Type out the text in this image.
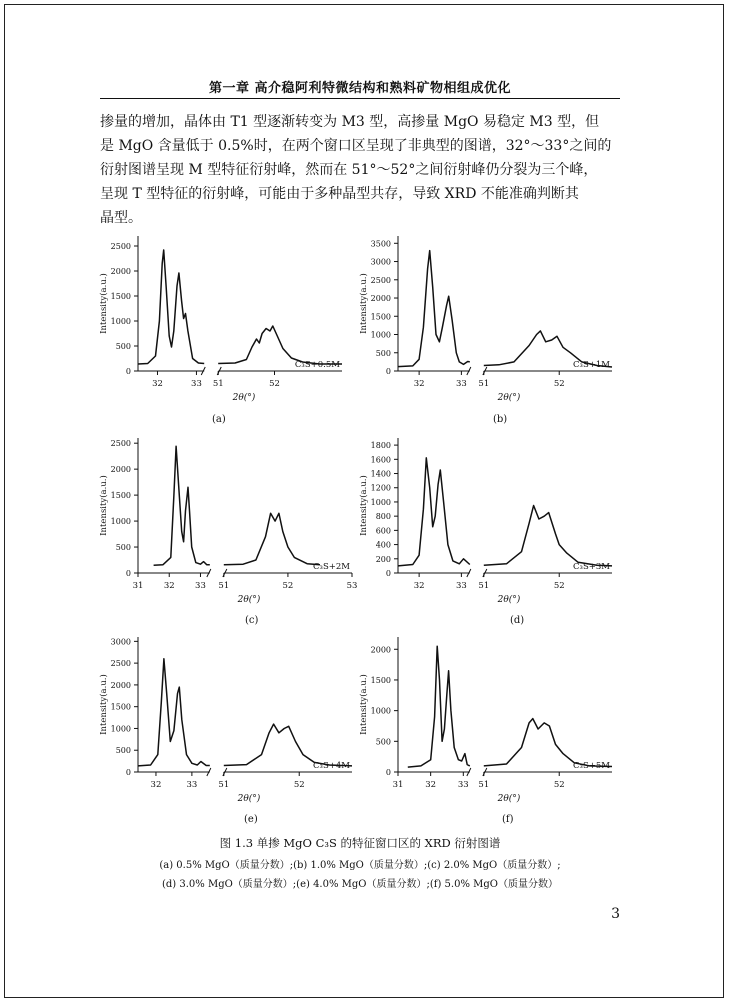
第一章 高介稳阿利特微结构和熟料矿物相组成优化
掺量的增加，晶体由 T1 型逐渐转变为 M3 型，高掺量 MgO 易稳定 M3 型，但
是 MgO 含量低于 0.5%时，在两个窗口区呈现了非典型的图谱，32°～33°之间的
衍射图谱呈现 M 型特征衍射峰，然而在 51°～52°之间衍射峰仍分裂为三个峰，
呈现 T 型特征的衍射峰，可能由于多种晶型共存，导致 XRD 不能准确判断其
晶型。
0
500
1000
1500
2000
2500
32	33 51	52
Intensity(a.u.)
2θ(°)
C₃S+0.5M
(a)
0
500
1000
1500
2000
2500
3000
3500
32	33 51	52
Intensity(a.u.)
2θ(°)
C₃S+1M
(b)
0
500
1000
1500
2000
2500
31 32 33 51	52	53
Intensity(a.u.)
2θ(°)
C₃S+2M
(c)
0
200
400
600
800
1000
1200
1400
1600
1800
32	33 51	52
Intensity(a.u.)
2θ(°)
C₃S+3M
(d)
0
500
1000
1500
2000
2500
3000
32	33 51	52
Intensity(a.u.)
2θ(°)
C₃S+4M
(e)
0
500
1000
1500
2000
31	32	33 51	52
Intensity(a.u.)
2θ(°)
C₃S+5M
(f)
图 1.3 单掺 MgO C₃S 的特征窗口区的 XRD 衍射图谱
(a) 0.5% MgO（质量分数）;(b) 1.0% MgO（质量分数）;(c) 2.0% MgO（质量分数）;
(d) 3.0% MgO（质量分数）;(e) 4.0% MgO（质量分数）;(f) 5.0% MgO（质量分数）
3
